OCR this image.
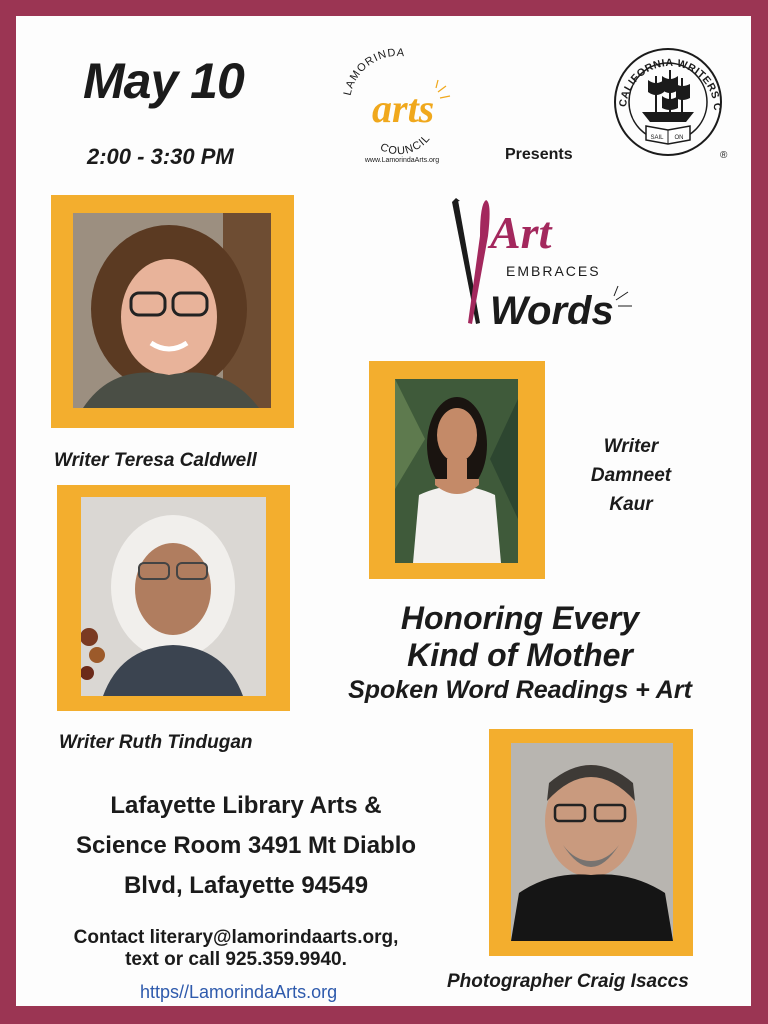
May 10
2:00 - 3:30 PM
LAMORINDA
arts
COUNCIL
www.LamorindaArts.org	Presents
CALIFORNIA WRITERS C
SAIL ON
®
Art
EMBRACES
Words
Writer Teresa Caldwell
Writer
Damneet
Kaur
Writer Ruth Tindugan
Honoring Every
Kind of Mother
Spoken Word Readings + Art
Lafayette Library Arts &
Science Room 3491 Mt Diablo
Blvd, Lafayette 94549
Contact literary@lamorindaarts.org,
text or call 925.359.9940.
https//LamorindaArts.org	Photographer Craig Isaccs
